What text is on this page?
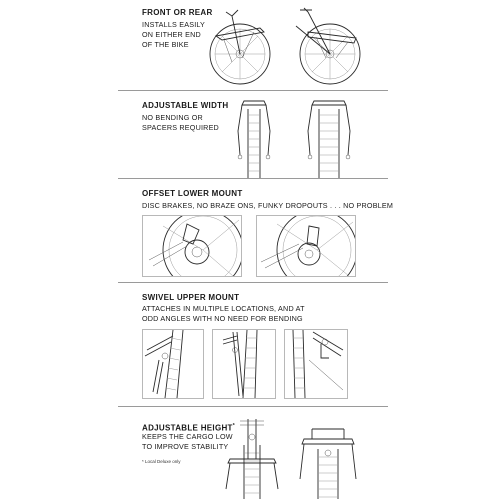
FRONT OR REAR
INSTALLS EASILY
ON EITHER END
OF THE BIKE
ADJUSTABLE WIDTH
NO BENDING OR
SPACERS REQUIRED
OFFSET LOWER MOUNT
DISC BRAKES, NO BRAZE ONS, FUNKY DROPOUTS . . . NO PROBLEM
SWIVEL UPPER MOUNT
ATTACHES IN MULTIPLE LOCATIONS, AND AT
ODD ANGLES WITH NO NEED FOR BENDING
ADJUSTABLE HEIGHT*
KEEPS THE CARGO LOW
TO IMPROVE STABILITY
* Local Deluxe only
